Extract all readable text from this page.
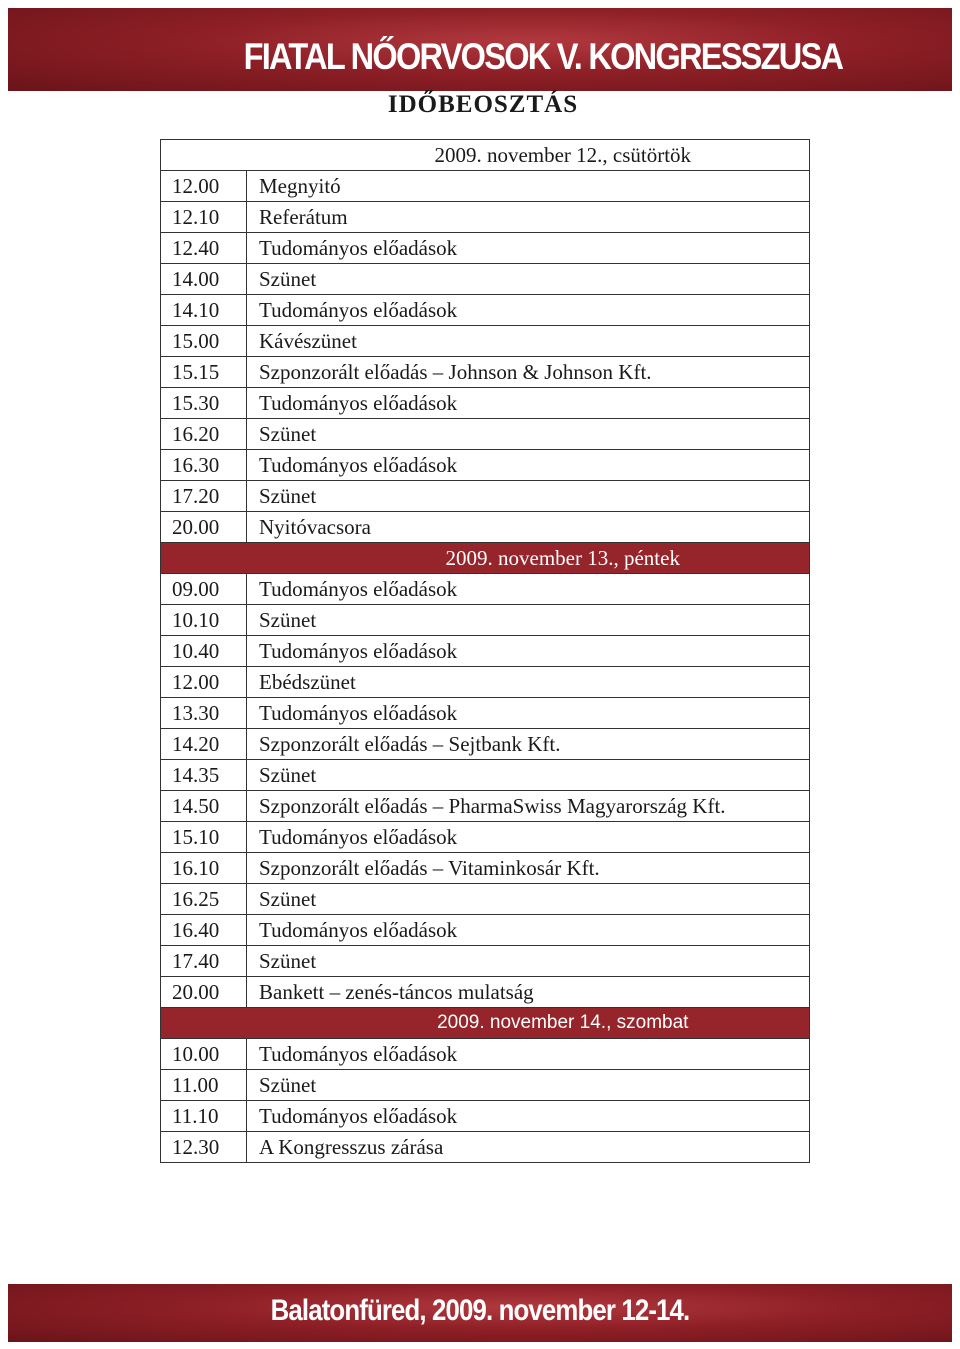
FIATAL NŐORVOSOK V. KONGRESSZUSA
IDŐBEOSZTÁS
	2009. november 12., csütörtök
12.00	Megnyitó
12.10	Referátum
12.40	Tudományos előadások
14.00	Szünet
14.10	Tudományos előadások
15.00	Kávészünet
15.15	Szponzorált előadás – Johnson & Johnson Kft.
15.30	Tudományos előadások
16.20	Szünet
16.30	Tudományos előadások
17.20	Szünet
20.00	Nyitóvacsora
	2009. november 13., péntek
09.00	Tudományos előadások
10.10	Szünet
10.40	Tudományos előadások
12.00	Ebédszünet
13.30	Tudományos előadások
14.20	Szponzorált előadás – Sejtbank Kft.
14.35	Szünet
14.50	Szponzorált előadás – PharmaSwiss Magyarország Kft.
15.10	Tudományos előadások
16.10	Szponzorált előadás – Vitaminkosár Kft.
16.25	Szünet
16.40	Tudományos előadások
17.40	Szünet
20.00	Bankett – zenés-táncos mulatság
	2009. november 14., szombat
10.00	Tudományos előadások
11.00	Szünet
11.10	Tudományos előadások
12.30	A Kongresszus zárása
Balatonfüred, 2009. november 12-14.
